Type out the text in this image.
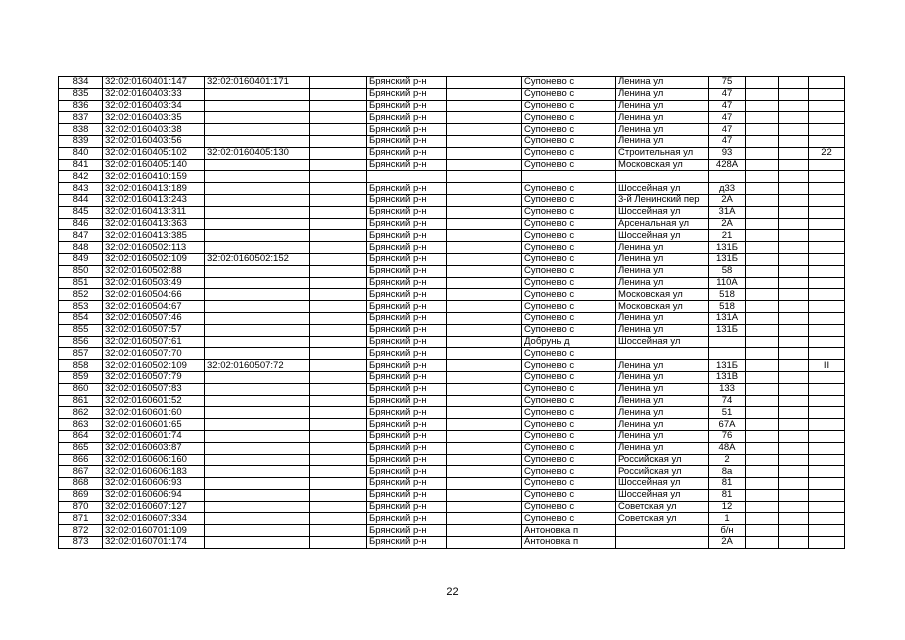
834	32:02:0160401:147	32:02:0160401:171		Брянский р-н		Супонево с	Ленина ул	75			
835	32:02:0160403:33			Брянский р-н		Супонево с	Ленина ул	47			
836	32:02:0160403:34			Брянский р-н		Супонево с	Ленина ул	47			
837	32:02:0160403:35			Брянский р-н		Супонево с	Ленина ул	47			
838	32:02:0160403:38			Брянский р-н		Супонево с	Ленина ул	47			
839	32:02:0160403:56			Брянский р-н		Супонево с	Ленина ул	47			
840	32:02:0160405:102	32:02:0160405:130		Брянский р-н		Супонево с	Строительная ул	93			22
841	32:02:0160405:140			Брянский р-н		Супонево с	Московская ул	428А			
842	32:02:0160410:159										
843	32:02:0160413:189			Брянский р-н		Супонево с	Шоссейная ул	д33			
844	32:02:0160413:243			Брянский р-н		Супонево с	3-й Ленинский пер	2А			
845	32:02:0160413:311			Брянский р-н		Супонево с	Шоссейная ул	31А			
846	32:02:0160413:363			Брянский р-н		Супонево с	Арсенальная ул	2А			
847	32:02:0160413:385			Брянский р-н		Супонево с	Шоссейная ул	21			
848	32:02:0160502:113			Брянский р-н		Супонево с	Ленина ул	131Б			
849	32:02:0160502:109	32:02:0160502:152		Брянский р-н		Супонево с	Ленина ул	131Б			
850	32:02:0160502:88			Брянский р-н		Супонево с	Ленина ул	58			
851	32:02:0160503:49			Брянский р-н		Супонево с	Ленина ул	110А			
852	32:02:0160504:66			Брянский р-н		Супонево с	Московская ул	518			
853	32:02:0160504:67			Брянский р-н		Супонево с	Московская ул	518			
854	32:02:0160507:46			Брянский р-н		Супонево с	Ленина ул	131А			
855	32:02:0160507:57			Брянский р-н		Супонево с	Ленина ул	131Б			
856	32:02:0160507:61			Брянский р-н		Добрунь д	Шоссейная ул				
857	32:02:0160507:70			Брянский р-н		Супонево с					
858	32:02:0160502:109	32:02:0160507:72		Брянский р-н		Супонево с	Ленина ул	131Б			II
859	32:02:0160507:79			Брянский р-н		Супонево с	Ленина ул	131В			
860	32:02:0160507:83			Брянский р-н		Супонево с	Ленина ул	133			
861	32:02:0160601:52			Брянский р-н		Супонево с	Ленина ул	74			
862	32:02:0160601:60			Брянский р-н		Супонево с	Ленина ул	51			
863	32:02:0160601:65			Брянский р-н		Супонево с	Ленина ул	67А			
864	32:02:0160601:74			Брянский р-н		Супонево с	Ленина ул	76			
865	32:02:0160603:87			Брянский р-н		Супонево с	Ленина ул	48А			
866	32:02:0160606:160			Брянский р-н		Супонево с	Российская ул	2			
867	32:02:0160606:183			Брянский р-н		Супонево с	Российская ул	8а			
868	32:02:0160606:93			Брянский р-н		Супонево с	Шоссейная ул	81			
869	32:02:0160606:94			Брянский р-н		Супонево с	Шоссейная ул	81			
870	32:02:0160607:127			Брянский р-н		Супонево с	Советская ул	12			
871	32:02:0160607:334			Брянский р-н		Супонево с	Советская ул	1			
872	32:02:0160701:109			Брянский р-н		Антоновка п		б/н			
873	32:02:0160701:174			Брянский р-н		Антоновка п		2А			
22
